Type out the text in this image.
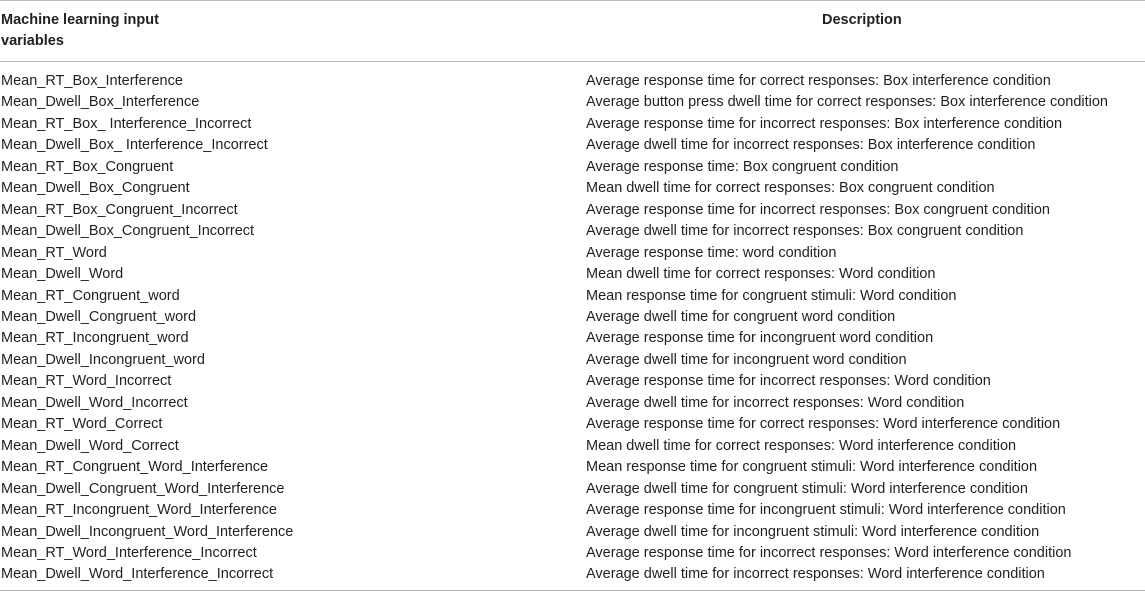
Machine learning input
variables	Description
Mean_RT_Box_Interference	Average response time for correct responses: Box interference condition
Mean_Dwell_Box_Interference	Average button press dwell time for correct responses: Box interference condition
Mean_RT_Box_ Interference_Incorrect	Average response time for incorrect responses: Box interference condition
Mean_Dwell_Box_ Interference_Incorrect	Average dwell time for incorrect responses: Box interference condition
Mean_RT_Box_Congruent	Average response time: Box congruent condition
Mean_Dwell_Box_Congruent	Mean dwell time for correct responses: Box congruent condition
Mean_RT_Box_Congruent_Incorrect	Average response time for incorrect responses: Box congruent condition
Mean_Dwell_Box_Congruent_Incorrect	Average dwell time for incorrect responses: Box congruent condition
Mean_RT_Word	Average response time: word condition
Mean_Dwell_Word	Mean dwell time for correct responses: Word condition
Mean_RT_Congruent_word	Mean response time for congruent stimuli: Word condition
Mean_Dwell_Congruent_word	Average dwell time for congruent word condition
Mean_RT_Incongruent_word	Average response time for incongruent word condition
Mean_Dwell_Incongruent_word	Average dwell time for incongruent word condition
Mean_RT_Word_Incorrect	Average response time for incorrect responses: Word condition
Mean_Dwell_Word_Incorrect	Average dwell time for incorrect responses: Word condition
Mean_RT_Word_Correct	Average response time for correct responses: Word interference condition
Mean_Dwell_Word_Correct	Mean dwell time for correct responses: Word interference condition
Mean_RT_Congruent_Word_Interference	Mean response time for congruent stimuli: Word interference condition
Mean_Dwell_Congruent_Word_Interference	Average dwell time for congruent stimuli: Word interference condition
Mean_RT_Incongruent_Word_Interference	Average response time for incongruent stimuli: Word interference condition
Mean_Dwell_Incongruent_Word_Interference	Average dwell time for incongruent stimuli: Word interference condition
Mean_RT_Word_Interference_Incorrect	Average response time for incorrect responses: Word interference condition
Mean_Dwell_Word_Interference_Incorrect	Average dwell time for incorrect responses: Word interference condition
